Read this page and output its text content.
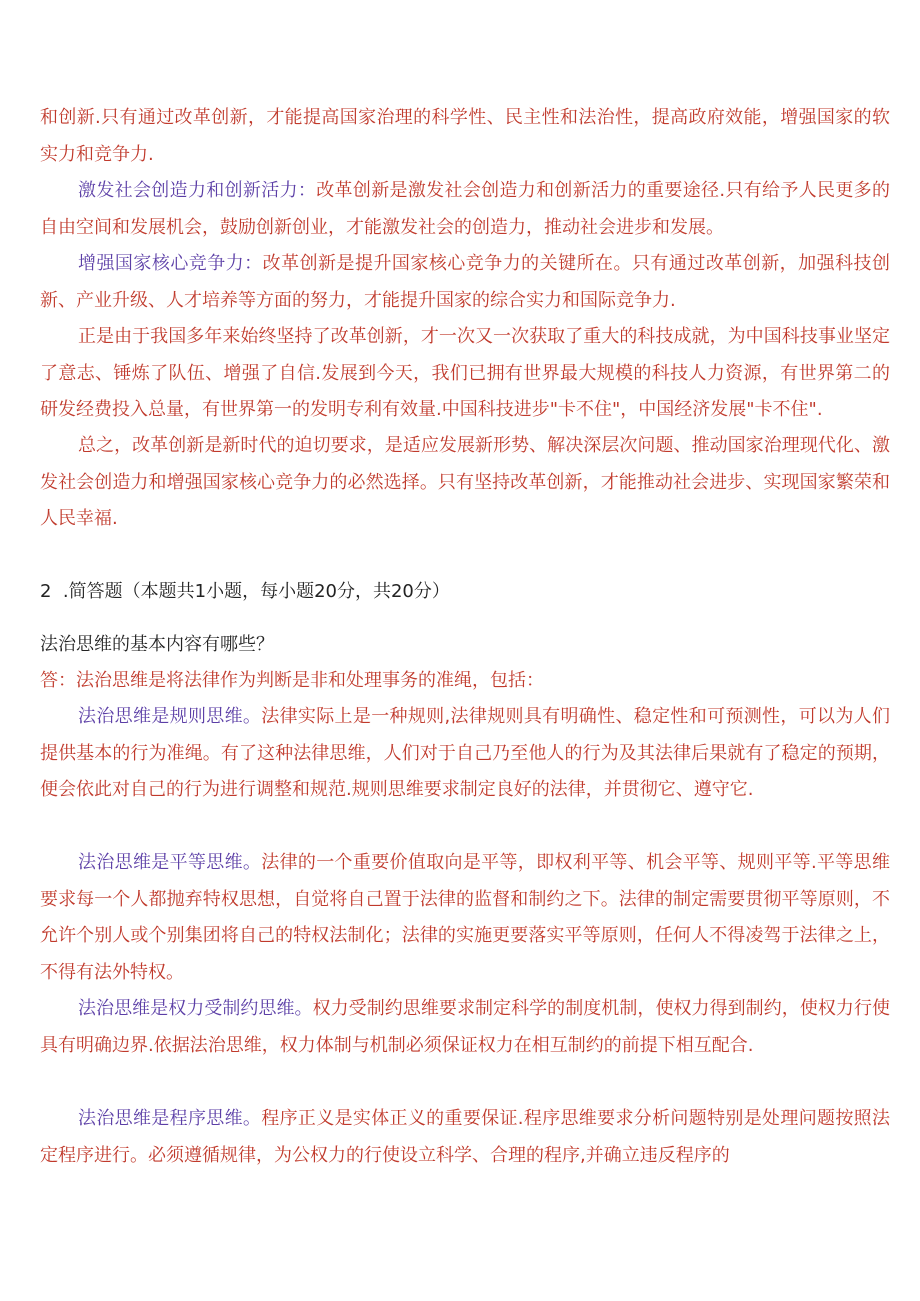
和创新.只有通过改革创新，才能提高国家治理的科学性、民主性和法治性，提高政府效能，增强国家的软实力和竞争力.

激发社会创造力和创新活力：改革创新是激发社会创造力和创新活力的重要途径.只有给予人民更多的自由空间和发展机会，鼓励创新创业，才能激发社会的创造力，推动社会进步和发展。

增强国家核心竞争力：改革创新是提升国家核心竞争力的关键所在。只有通过改革创新，加强科技创新、产业升级、人才培养等方面的努力，才能提升国家的综合实力和国际竞争力.

正是由于我国多年来始终坚持了改革创新，才一次又一次获取了重大的科技成就，为中国科技事业坚定了意志、锤炼了队伍、增强了自信.发展到今天，我们已拥有世界最大规模的科技人力资源，有世界第二的研发经费投入总量，有世界第一的发明专利有效量.中国科技进步"卡不住"，中国经济发展"卡不住".

总之，改革创新是新时代的迫切要求，是适应发展新形势、解决深层次问题、推动国家治理现代化、激发社会创造力和增强国家核心竞争力的必然选择。只有坚持改革创新，才能推动社会进步、实现国家繁荣和人民幸福.

2 .简答题（本题共1小题，每小题20分，共20分）

法治思维的基本内容有哪些？

答：法治思维是将法律作为判断是非和处理事务的准绳，包括：

法治思维是规则思维。法律实际上是一种规则,法律规则具有明确性、稳定性和可预测性，可以为人们提供基本的行为准绳。有了这种法律思维，人们对于自己乃至他人的行为及其法律后果就有了稳定的预期，便会依此对自己的行为进行调整和规范.规则思维要求制定良好的法律，并贯彻它、遵守它.

法治思维是平等思维。法律的一个重要价值取向是平等，即权利平等、机会平等、规则平等.平等思维要求每一个人都抛弃特权思想，自觉将自己置于法律的监督和制约之下。法律的制定需要贯彻平等原则，不允许个别人或个别集团将自己的特权法制化；法律的实施更要落实平等原则，任何人不得凌驾于法律之上，不得有法外特权。

法治思维是权力受制约思维。权力受制约思维要求制定科学的制度机制，使权力得到制约，使权力行使具有明确边界.依据法治思维，权力体制与机制必须保证权力在相互制约的前提下相互配合.

法治思维是程序思维。程序正义是实体正义的重要保证.程序思维要求分析问题特别是处理问题按照法定程序进行。必须遵循规律，为公权力的行使设立科学、合理的程序,并确立违反程序的
